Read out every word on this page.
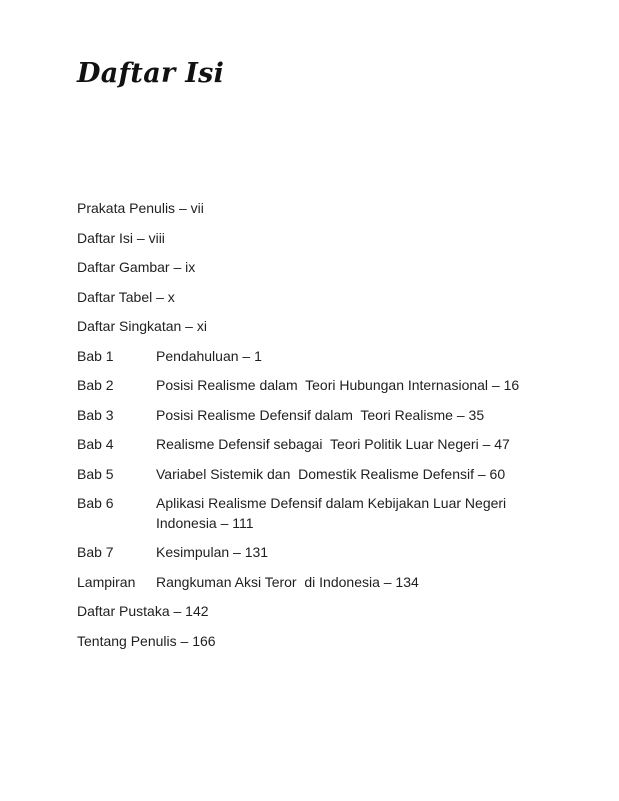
Daftar Isi
Prakata Penulis – vii
Daftar Isi – viii
Daftar Gambar – ix
Daftar Tabel – x
Daftar Singkatan – xi
Bab 1	Pendahuluan – 1
Bab 2	Posisi Realisme dalam  Teori Hubungan Internasional – 16
Bab 3	Posisi Realisme Defensif dalam  Teori Realisme – 35
Bab 4	Realisme Defensif sebagai  Teori Politik Luar Negeri – 47
Bab 5	Variabel Sistemik dan  Domestik Realisme Defensif – 60
Bab 6	Aplikasi Realisme Defensif dalam Kebijakan Luar Negeri Indonesia – 111
Bab 7	Kesimpulan – 131
Lampiran	Rangkuman Aksi Teror  di Indonesia – 134
Daftar Pustaka – 142
Tentang Penulis – 166
